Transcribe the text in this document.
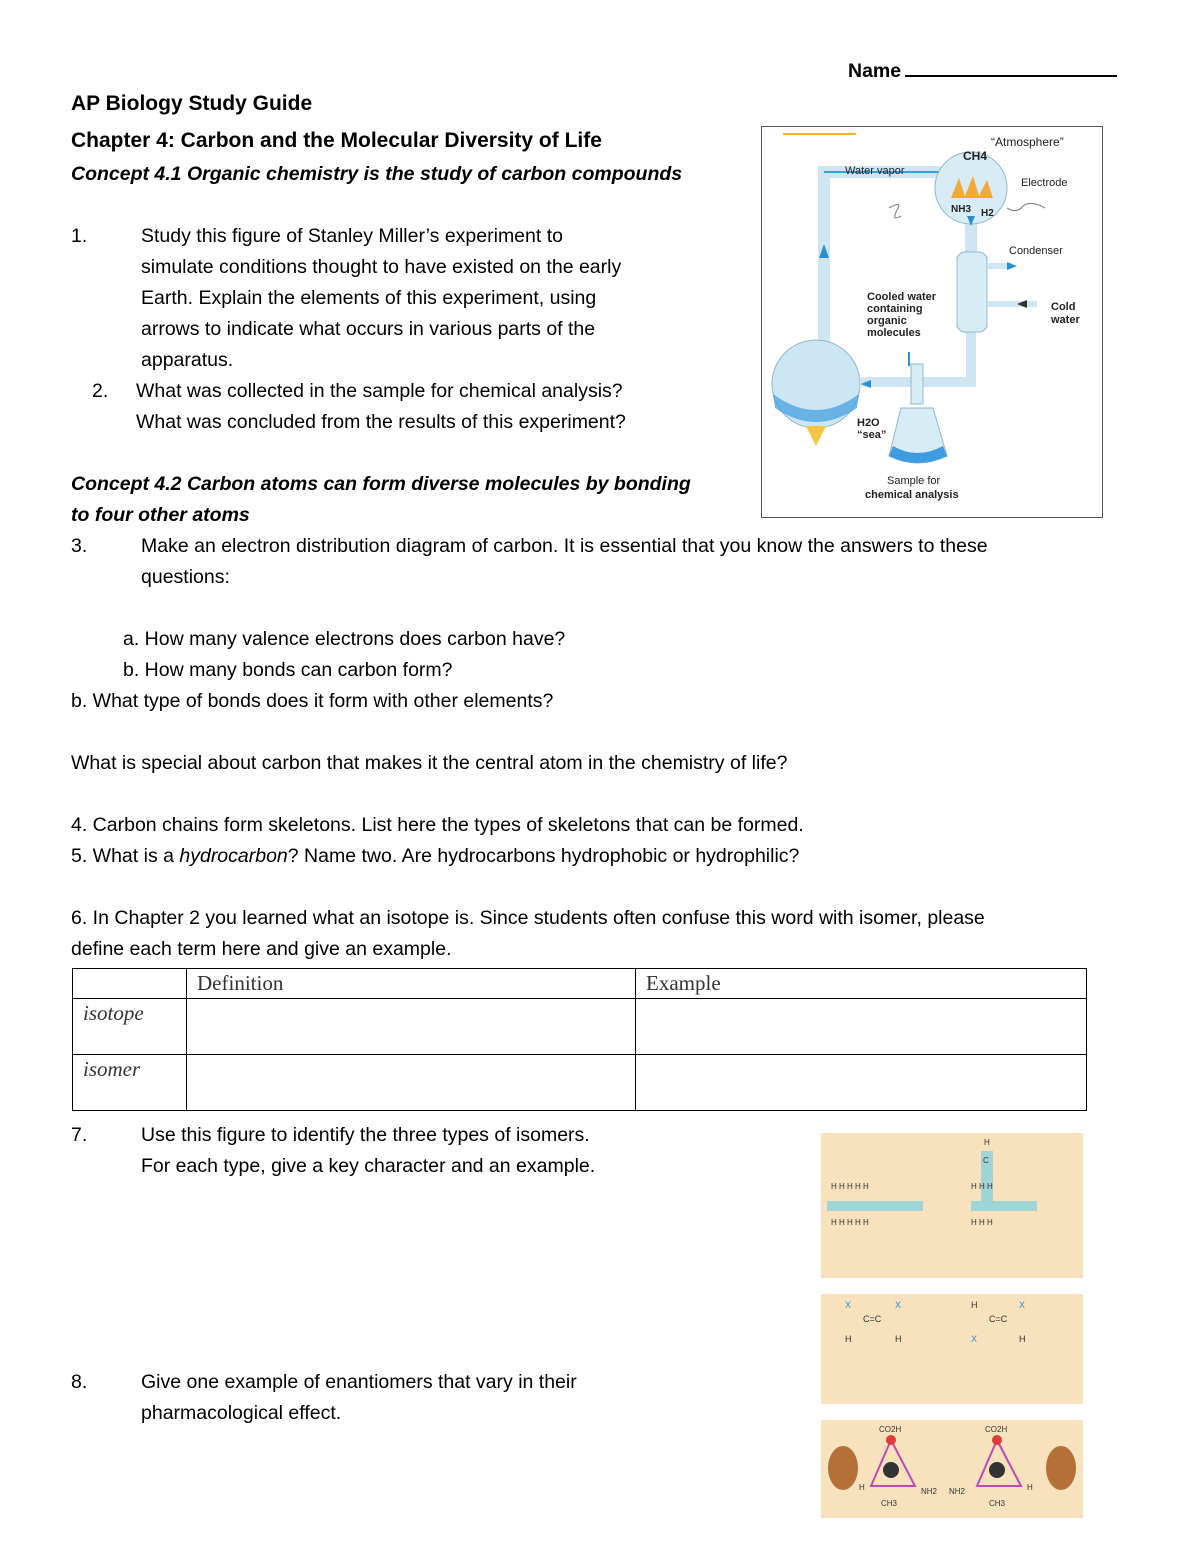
Name
AP Biology Study Guide
Chapter 4: Carbon and the Molecular Diversity of Life
Concept 4.1 Organic chemistry is the study of carbon compounds
1.	Study this figure of Stanley Miller’s experiment to
simulate conditions thought to have existed on the early
Earth. Explain the elements of this experiment, using
arrows to indicate what occurs in various parts of the
apparatus.
2. What was collected in the sample for chemical analysis?
What was concluded from the results of this experiment?
Concept 4.2 Carbon atoms can form diverse molecules by bonding
to four other atoms
3.	Make an electron distribution diagram of carbon. It is essential that you know the answers to these
questions:
a. How many valence electrons does carbon have?
b. How many bonds can carbon form?
b. What type of bonds does it form with other elements?
What is special about carbon that makes it the central atom in the chemistry of life?
4. Carbon chains form skeletons. List here the types of skeletons that can be formed.
5. What is a hydrocarbon? Name two. Are hydrocarbons hydrophobic or hydrophilic?
6. In Chapter 2 you learned what an isotope is. Since students often confuse this word with isomer, please
define each term here and give an example.
	Definition	Example
isotope		
isomer		
7.	Use this figure to identify the three types of isomers.
For each type, give a key character and an example.
8.	Give one example of enantiomers that vary in their
pharmacological effect.
“Atmosphere”
CH4
Water vapor
Electrode
NH3 H2
Condenser
Cold
water
Cooled water
containing
organic
molecules
H2O
“sea”
Sample for
chemical analysis
H H H H H
H H H H H
H H H
H H H
H
C
X	X
C=C
H	H
H	X
C=C
X	H
CO2H	CO2H
NH2 NH2
CH3	CH3
H	H
